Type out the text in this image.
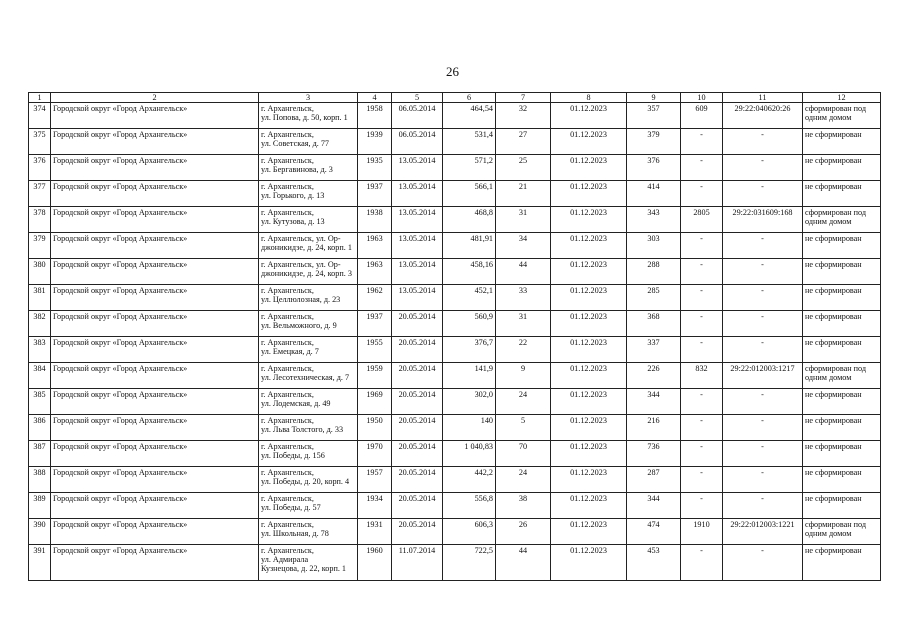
26
1	2	3	4	5	6	7	8	9	10	11	12
374	Городской округ «Город Архангельск»	г. Архангельск,
ул. Попова, д. 50, корп. 1	1958	06.05.2014	464,54	32	01.12.2023	357	609	29:22:040620:26	сформирован под одним домом
375	Городской округ «Город Архангельск»	г. Архангельск,
ул. Советская, д. 77	1939	06.05.2014	531,4	27	01.12.2023	379	-	-	не сформирован
376	Городской округ «Город Архангельск»	г. Архангельск,
ул. Бергавинова, д. 3	1935	13.05.2014	571,2	25	01.12.2023	376	-	-	не сформирован
377	Городской округ «Город Архангельск»	г. Архангельск,
ул. Горького, д. 13	1937	13.05.2014	566,1	21	01.12.2023	414	-	-	не сформирован
378	Городской округ «Город Архангельск»	г. Архангельск,
ул. Кутузова, д. 13	1938	13.05.2014	468,8	31	01.12.2023	343	2805	29:22:031609:168	сформирован под одним домом
379	Городской округ «Город Архангельск»	г. Архангельск, ул. Ор-
джоникидзе, д. 24, корп. 1	1963	13.05.2014	481,91	34	01.12.2023	303	-	-	не сформирован
380	Городской округ «Город Архангельск»	г. Архангельск, ул. Ор-
джоникидзе, д. 24, корп. 3	1963	13.05.2014	458,16	44	01.12.2023	288	-	-	не сформирован
381	Городской округ «Город Архангельск»	г. Архангельск,
ул. Целлюлозная, д. 23	1962	13.05.2014	452,1	33	01.12.2023	285	-	-	не сформирован
382	Городской округ «Город Архангельск»	г. Архангельск,
ул. Вельможного, д. 9	1937	20.05.2014	560,9	31	01.12.2023	368	-	-	не сформирован
383	Городской округ «Город Архангельск»	г. Архангельск,
ул. Емецкая, д. 7	1955	20.05.2014	376,7	22	01.12.2023	337	-	-	не сформирован
384	Городской округ «Город Архангельск»	г. Архангельск,
ул. Лесотехническая, д. 7	1959	20.05.2014	141,9	9	01.12.2023	226	832	29:22:012003:1217	сформирован под одним домом
385	Городской округ «Город Архангельск»	г. Архангельск,
ул. Лодемская, д. 49	1969	20.05.2014	302,0	24	01.12.2023	344	-	-	не сформирован
386	Городской округ «Город Архангельск»	г. Архангельск,
ул. Льва Толстого, д. 33	1950	20.05.2014	140	5	01.12.2023	216	-	-	не сформирован
387	Городской округ «Город Архангельск»	г. Архангельск,
ул. Победы, д. 156	1970	20.05.2014	1 040,83	70	01.12.2023	736	-	-	не сформирован
388	Городской округ «Город Архангельск»	г. Архангельск,
ул. Победы, д. 20, корп. 4	1957	20.05.2014	442,2	24	01.12.2023	287	-	-	не сформирован
389	Городской округ «Город Архангельск»	г. Архангельск,
ул. Победы, д. 57	1934	20.05.2014	556,8	38	01.12.2023	344	-	-	не сформирован
390	Городской округ «Город Архангельск»	г. Архангельск,
ул. Школьная, д. 78	1931	20.05.2014	606,3	26	01.12.2023	474	1910	29:22:012003:1221	сформирован под одним домом
391	Городской округ «Город Архангельск»	г. Архангельск,
ул. Адмирала
Кузнецова, д. 22, корп. 1	1960	11.07.2014	722,5	44	01.12.2023	453	-	-	не сформирован
